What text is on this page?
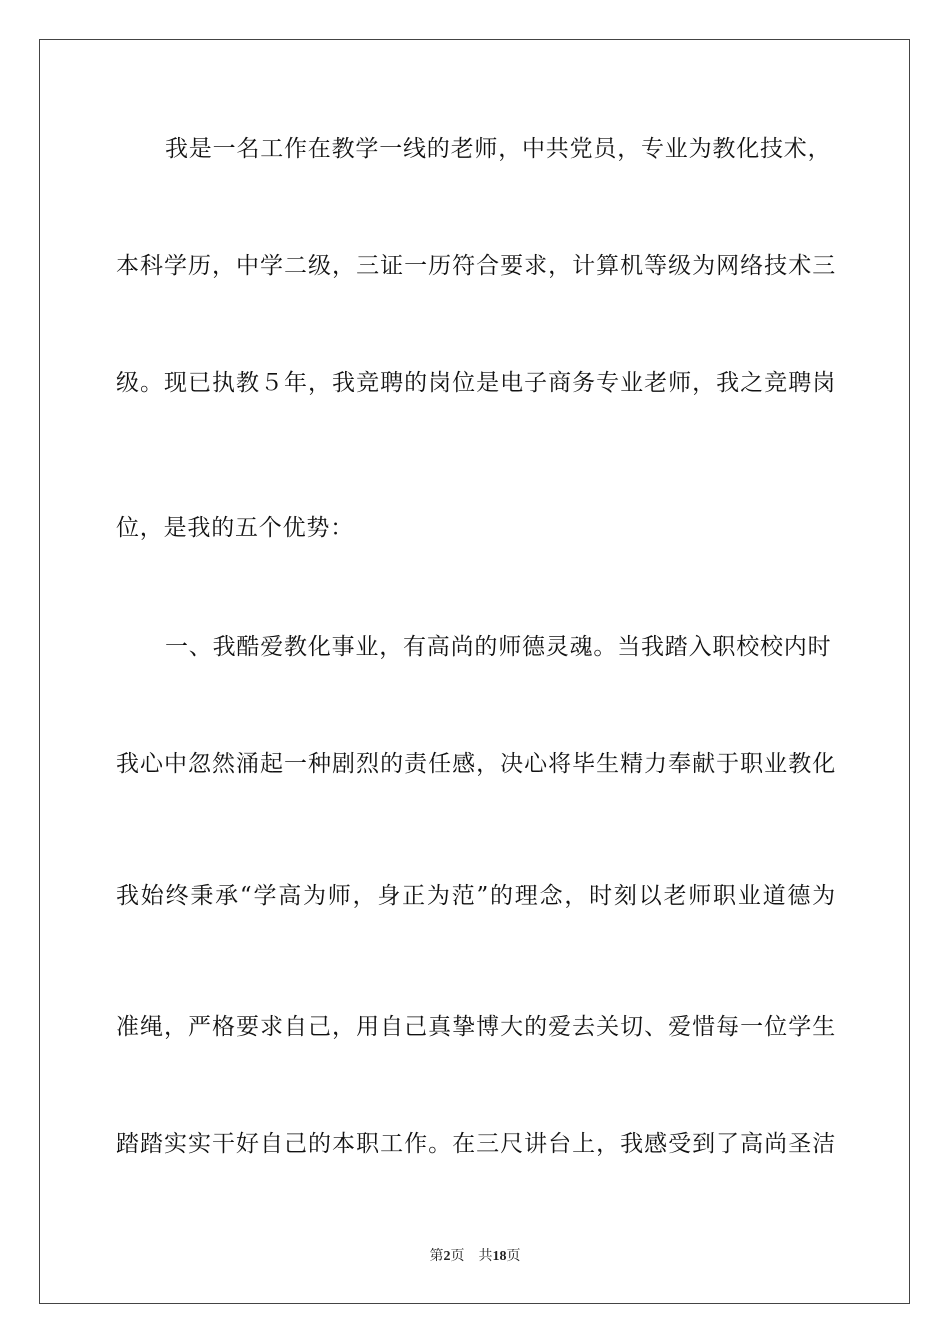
我是一名工作在教学一线的老师，中共党员，专业为教化技术，
本科学历，中学二级，三证一历符合要求，计算机等级为网络技术三
级。现已执教５年，我竞聘的岗位是电子商务专业老师，我之竞聘岗
位，是我的五个优势：
一、我酷爱教化事业，有高尚的师德灵魂。当我踏入职校校内时
我心中忽然涌起一种剧烈的责任感，决心将毕生精力奉献于职业教化
我始终秉承“学高为师，身正为范”的理念，时刻以老师职业道德为
准绳，严格要求自己，用自己真挚博大的爱去关切、爱惜每一位学生
踏踏实实干好自己的本职工作。在三尺讲台上，我感受到了高尚圣洁
第2页 共18页
